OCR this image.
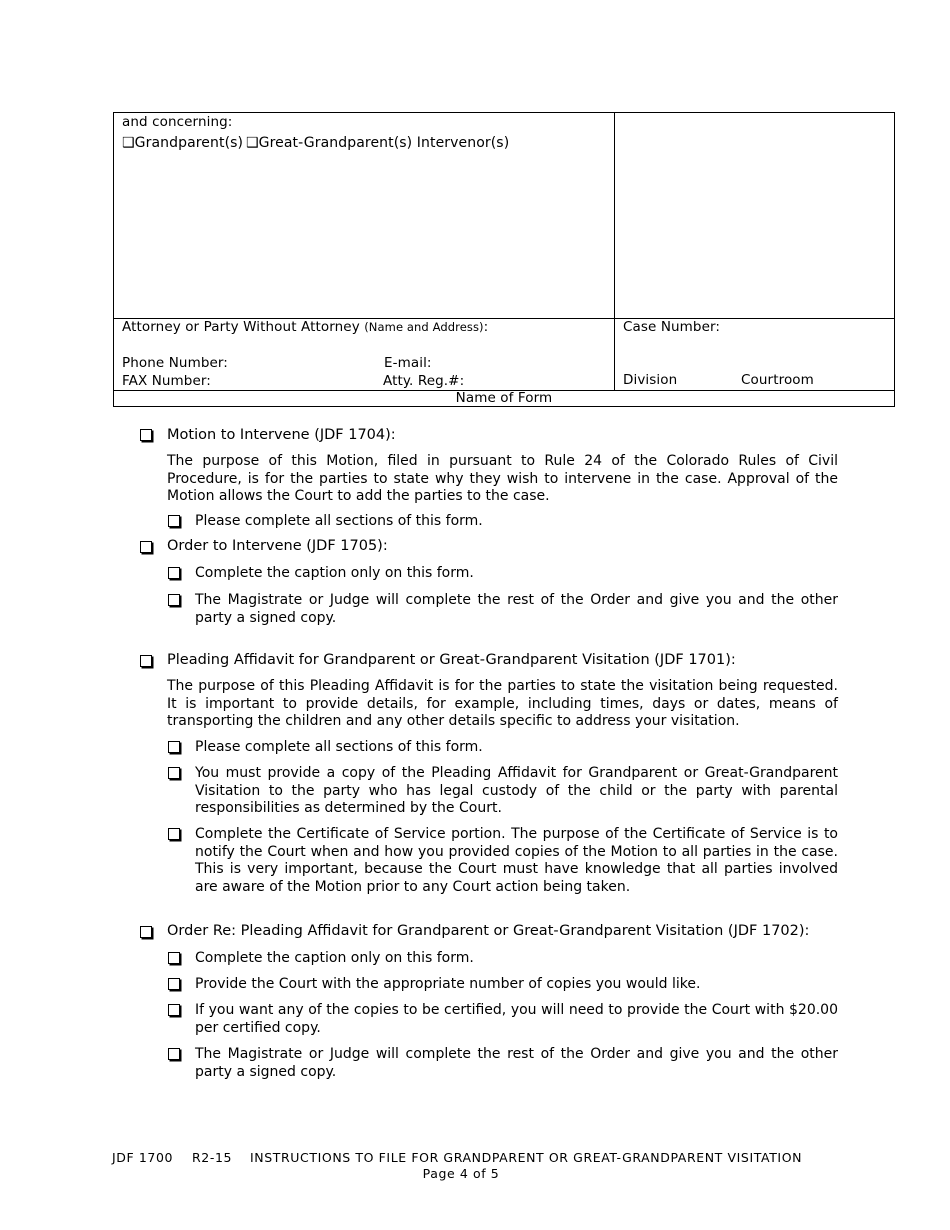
and concerning:
❑Grandparent(s) ❑Great-Grandparent(s) Intervenor(s)
Attorney or Party Without Attorney (Name and Address):
Phone Number:	E-mail:
FAX Number:	Atty. Reg.#:
Case Number:
Division	Courtroom
Name of Form
Motion to Intervene (JDF 1704):
The purpose of this Motion, filed in pursuant to Rule 24 of the Colorado Rules of Civil Procedure, is for the parties to state why they wish to intervene in the case. Approval of the Motion allows the Court to add the parties to the case.
Please complete all sections of this form.
Order to Intervene (JDF 1705):
Complete the caption only on this form.
The Magistrate or Judge will complete the rest of the Order and give you and the other party a signed copy.
Pleading Affidavit for Grandparent or Great-Grandparent Visitation (JDF 1701):
The purpose of this Pleading Affidavit is for the parties to state the visitation being requested. It is important to provide details, for example, including times, days or dates, means of transporting the children and any other details specific to address your visitation.
Please complete all sections of this form.
You must provide a copy of the Pleading Affidavit for Grandparent or Great-Grandparent Visitation to the party who has legal custody of the child or the party with parental responsibilities as determined by the Court.
Complete the Certificate of Service portion. The purpose of the Certificate of Service is to notify the Court when and how you provided copies of the Motion to all parties in the case. This is very important, because the Court must have knowledge that all parties involved are aware of the Motion prior to any Court action being taken.
Order Re: Pleading Affidavit for Grandparent or Great-Grandparent Visitation (JDF 1702):
Complete the caption only on this form.
Provide the Court with the appropriate number of copies you would like.
If you want any of the copies to be certified, you will need to provide the Court with $20.00 per certified copy.
The Magistrate or Judge will complete the rest of the Order and give you and the other party a signed copy.
JDF 1700 R2-15 INSTRUCTIONS TO FILE FOR GRANDPARENT OR GREAT-GRANDPARENT VISITATION
Page 4 of 5
